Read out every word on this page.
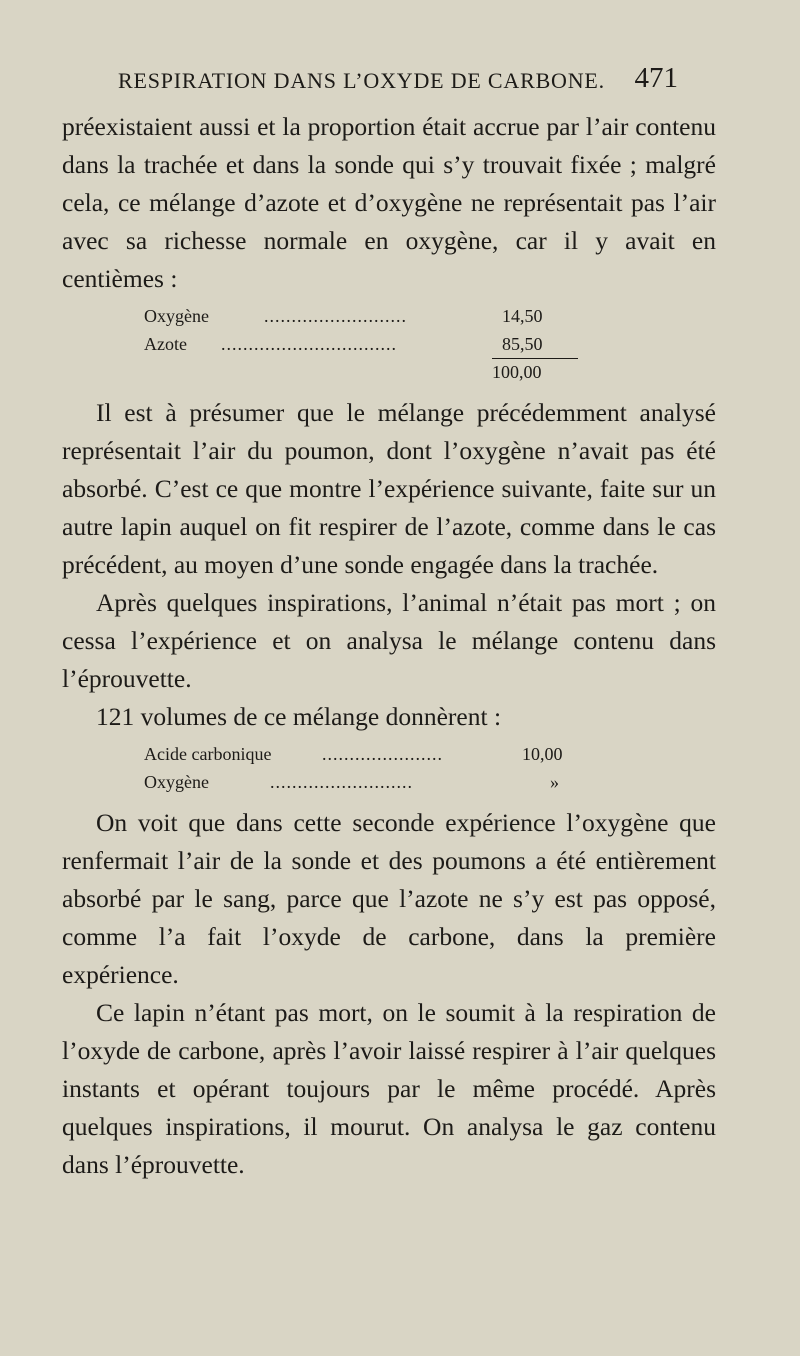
RESPIRATION DANS L’OXYDE DE CARBONE. 471

préexistaient aussi et la proportion était accrue par l’air contenu dans la trachée et dans la sonde qui s’y trouvait fixée ; malgré cela, ce mélange d’azote et d’oxygène ne représentait pas l’air avec sa richesse normale en oxygène, car il y avait en centièmes :

Oxygène	..........................	14,50
Azote ................................	85,50
100,00

Il est à présumer que le mélange précédemment analysé représentait l’air du poumon, dont l’oxygène n’avait pas été absorbé. C’est ce que montre l’expérience suivante, faite sur un autre lapin auquel on fit respirer de l’azote, comme dans le cas précédent, au moyen d’une sonde engagée dans la trachée.

Après quelques inspirations, l’animal n’était pas mort ; on cessa l’expérience et on analysa le mélange contenu dans l’éprouvette.

121 volumes de ce mélange donnèrent :

Acide carbonique	......................	10,00
Oxygène	..........................	»

On voit que dans cette seconde expérience l’oxygène que renfermait l’air de la sonde et des poumons a été entièrement absorbé par le sang, parce que l’azote ne s’y est pas opposé, comme l’a fait l’oxyde de carbone, dans la première expérience.

Ce lapin n’étant pas mort, on le soumit à la respiration de l’oxyde de carbone, après l’avoir laissé respirer à l’air quelques instants et opérant toujours par le même procédé. Après quelques inspirations, il mourut. On analysa le gaz contenu dans l’éprouvette.
